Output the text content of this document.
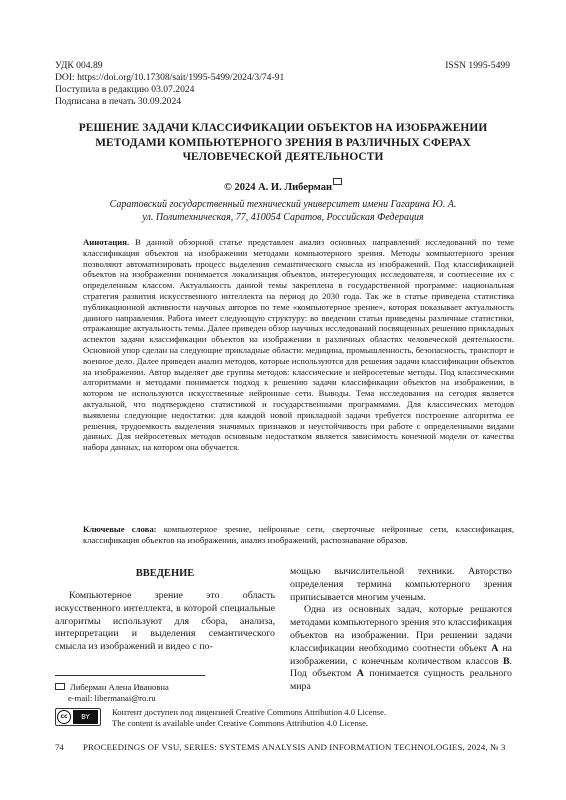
УДК 004.89
DOI: https://doi.org/10.17308/sait/1995-5499/2024/3/74-91
Поступила в редакцию 03.07.2024
Подписана в печать 30.09.2024
ISSN 1995-5499
РЕШЕНИЕ ЗАДАЧИ КЛАССИФИКАЦИИ ОБЪЕКТОВ НА ИЗОБРАЖЕНИИ
МЕТОДАМИ КОМПЬЮТЕРНОГО ЗРЕНИЯ В РАЗЛИЧНЫХ СФЕРАХ
ЧЕЛОВЕЧЕСКОЙ ДЕЯТЕЛЬНОСТИ
© 2024 А. И. Либерман
Саратовский государственный технический университет имени Гагарина Ю. А.
ул. Политехническая, 77, 410054 Саратов, Российская Федерация

Аннотация. В данной обзорной статье представлен анализ основных направлений исследований по теме классификация объектов на изображении методами компьютерного зрения. Методы компьютерного зрения позволяют автоматизировать процесс выделения семантического смысла из изображений. Под классификацией объектов на изображении понимается локализация объектов, интересующих исследователя, и соотнесение их с определенным классом. Актуальность данной темы закреплена в государственной программе: национальная стратегия развития искусственного интеллекта на период до 2030 года. Так же в статье приведена статистика публикационной активности научных авторов по теме «компьютерное зрение», которая показывает актуальность данного направления. Работа имеет следующую структуру: во введении статьи приведены различные статистики, отражающие актуальность темы. Далее приведен обзор научных исследований посвященных решению прикладных аспектов задачи классификации объектов на изображении в различных областях человеческой деятельности. Основной упор сделан на следующие прикладные области: медицина, промышленность, безопасность, транспорт и военное дело. Далее приведен анализ методов, которые используются для решения задачи классификации объектов на изображении. Автор выделяет две группы методов: классические и нейросетевые методы. Под классическими алгоритмами и методами понимается подход к решению задачи классификации объектов на изображении, в котором не используются искусственные нейронные сети. Выводы. Тема исследования на сегодня является актуальной, что подтверждено статистикой и государственными программами. Для классических методов выявлены следующие недостатки: для каждой новой прикладной задачи требуется построение алгоритма ее решения, трудоемкость выделения значимых признаков и неустойчивость при работе с определенными видами данных. Для нейросетевых методов основным недостатком является зависимость конечной модели от качества набора данных, на котором она обучается.

Ключевые слова: компьютерное зрение, нейронные сети, сверточные нейронные сети, классификация, классификация объектов на изображении, анализ изображений, распознавание образов.

ВВЕДЕНИЕ

Компьютерное зрение это область искусственного интеллекта, в которой специальные алгоритмы используют для сбора, анализа, интерпретации и выделения семантического смысла из изображений и видео с по-

мощью вычислительной техники. Авторство определения термина компьютерного зрения приписывается многим ученым.

Одна из основных задач, которые решаются методами компьютерного зрения это классификация объектов на изображении. При решении задачи классификации необходимо соотнести объект A на изображении, с конечным количеством классов B. Под объектом A понимается сущность реального мира

Либерман Алена Ивановна
e-mail: libermanai@ro.ru
cc	BY	Контент доступен под лицензией Creative Commons Attribution 4.0 License.
The content is available under Creative Commons Attribution 4.0 License.
74 PROCEEDINGS OF VSU, SERIES: SYSTEMS ANALYSIS AND INFORMATION TECHNOLOGIES, 2024, № 3
